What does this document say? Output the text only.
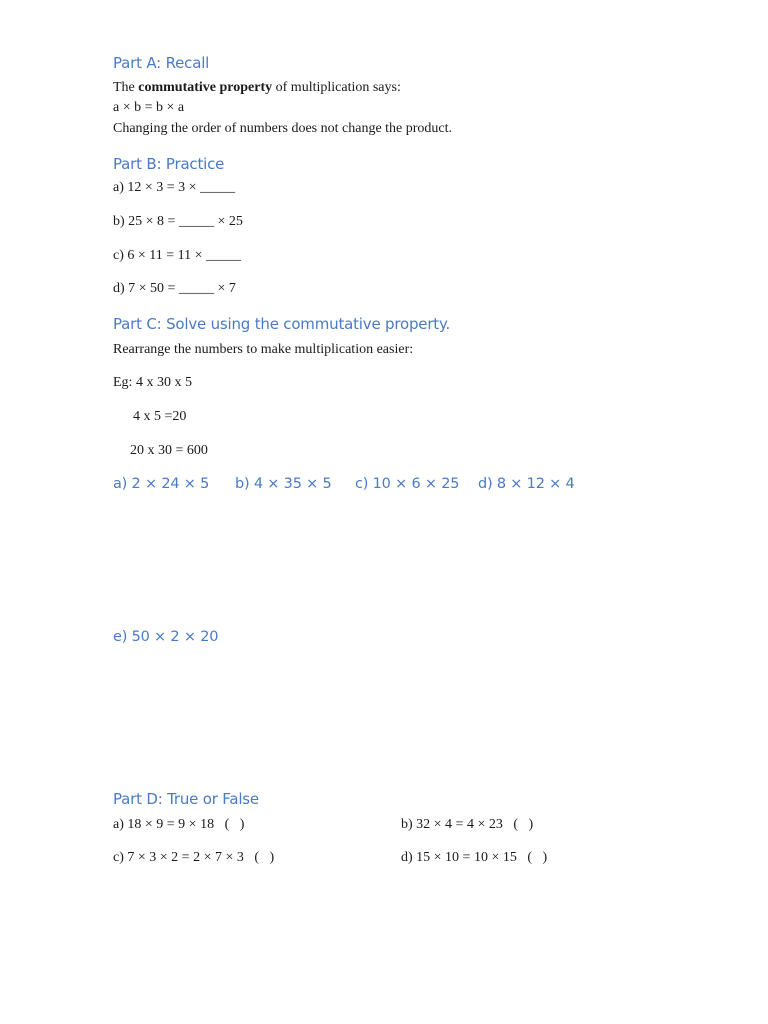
Part A: Recall
The commutative property of multiplication says:
a × b = b × a
Changing the order of numbers does not change the product.
Part B: Practice
a) 12 × 3 = 3 × _____
b) 25 × 8 = _____ × 25
c) 6 × 11 = 11 × _____
d) 7 × 50 = _____ × 7
Part C: Solve using the commutative property.
Rearrange the numbers to make multiplication easier:
Eg: 4 x 30 x 5
4 x 5 =20
20 x 30 = 600
a) 2 × 24 × 5 b) 4 × 35 × 5 c) 10 × 6 × 25 d) 8 × 12 × 4
e) 50 × 2 × 20
Part D: True or False
a) 18 × 9 = 9 × 18   (   )	b) 32 × 4 = 4 × 23   (   )
c) 7 × 3 × 2 = 2 × 7 × 3   (   )	d) 15 × 10 = 10 × 15   (   )
